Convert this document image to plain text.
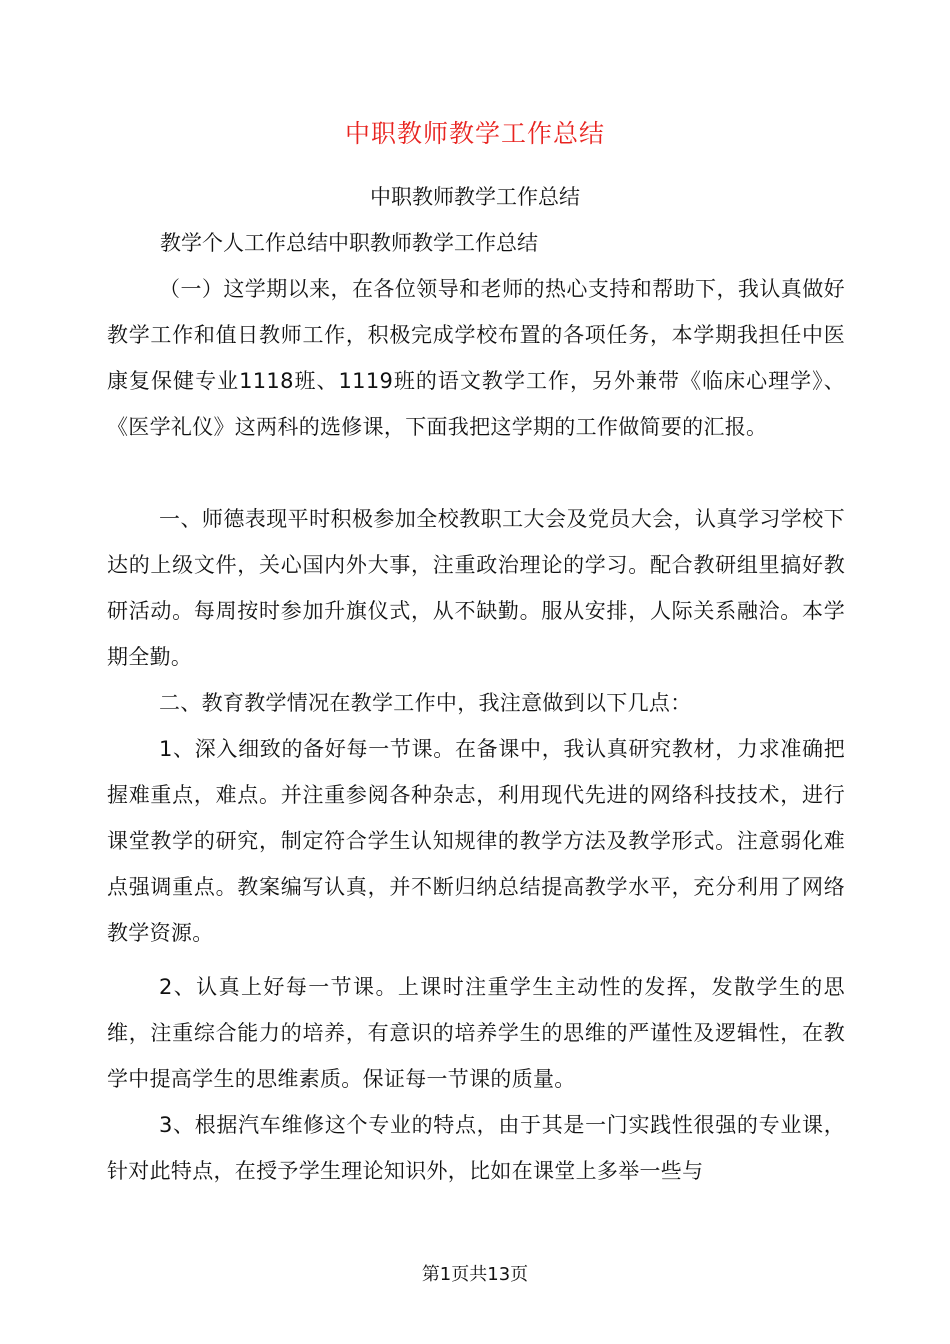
中职教师教学工作总结
中职教师教学工作总结
教学个人工作总结中职教师教学工作总结

（一）这学期以来，在各位领导和老师的热心支持和帮助下，我认真做好教学工作和值日教师工作，积极完成学校布置的各项任务，本学期我担任中医康复保健专业1118班、1119班的语文教学工作，另外兼带《临床心理学》、《医学礼仪》这两科的选修课，下面我把这学期的工作做简要的汇报。

一、师德表现平时积极参加全校教职工大会及党员大会，认真学习学校下达的上级文件，关心国内外大事，注重政治理论的学习。配合教研组里搞好教研活动。每周按时参加升旗仪式，从不缺勤。服从安排，人际关系融洽。本学期全勤。

二、教育教学情况在教学工作中，我注意做到以下几点：

1、深入细致的备好每一节课。在备课中，我认真研究教材，力求准确把握难重点，难点。并注重参阅各种杂志，利用现代先进的网络科技技术，进行课堂教学的研究，制定符合学生认知规律的教学方法及教学形式。注意弱化难点强调重点。教案编写认真，并不断归纳总结提高教学水平，充分利用了网络教学资源。

2、认真上好每一节课。上课时注重学生主动性的发挥，发散学生的思维，注重综合能力的培养，有意识的培养学生的思维的严谨性及逻辑性，在教学中提高学生的思维素质。保证每一节课的质量。

3、根据汽车维修这个专业的特点，由于其是一门实践性很强的专业课，针对此特点，在授予学生理论知识外，比如在课堂上多举一些与

第1页共13页
